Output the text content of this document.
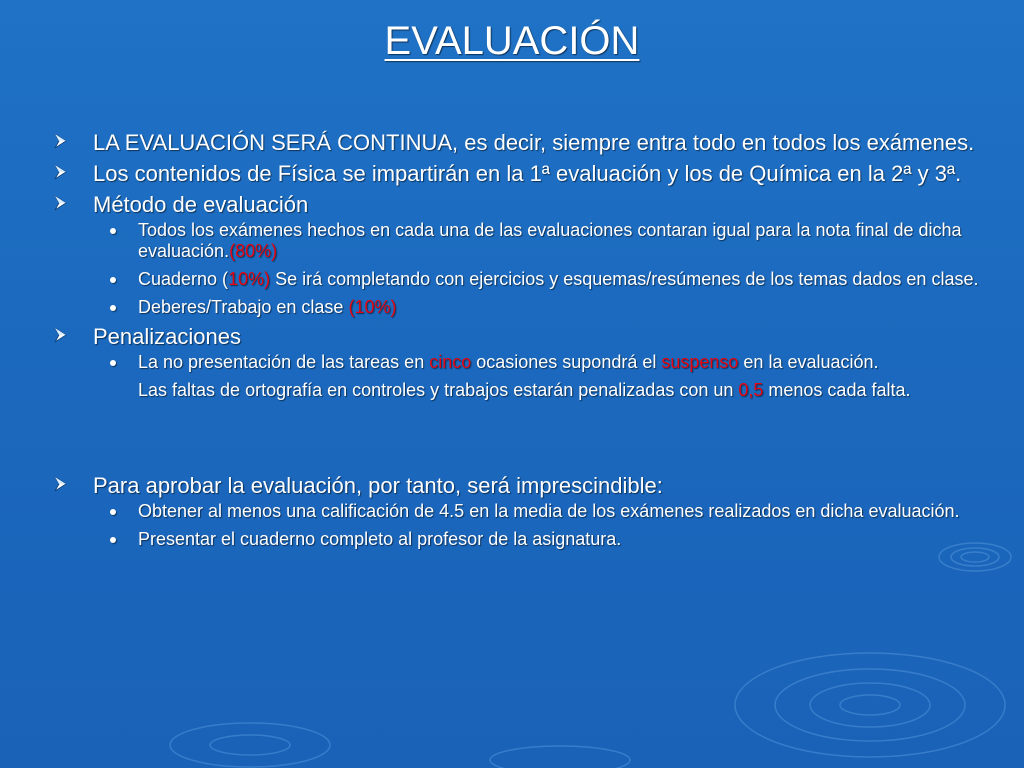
EVALUACIÓN
LA EVALUACIÓN SERÁ CONTINUA, es decir, siempre entra todo en todos los exámenes.
Los contenidos de Física se impartirán en la 1ª evaluación y los de Química en la 2ª y 3ª.
Método de evaluación
Todos los exámenes hechos en cada una de las evaluaciones contaran igual para la nota final de dicha evaluación.(80%)
Cuaderno (10%) Se irá completando con ejercicios y esquemas/resúmenes de los temas dados en clase.
Deberes/Trabajo en clase (10%)
Penalizaciones
La no presentación de las tareas en cinco ocasiones supondrá el suspenso en la evaluación.
Las faltas de ortografía en controles y trabajos estarán penalizadas con un 0,5 menos cada falta.
Para aprobar la evaluación, por tanto, será imprescindible:
Obtener al menos una calificación de 4.5 en la media de los exámenes realizados en dicha evaluación.
Presentar el cuaderno completo al profesor de la asignatura.
